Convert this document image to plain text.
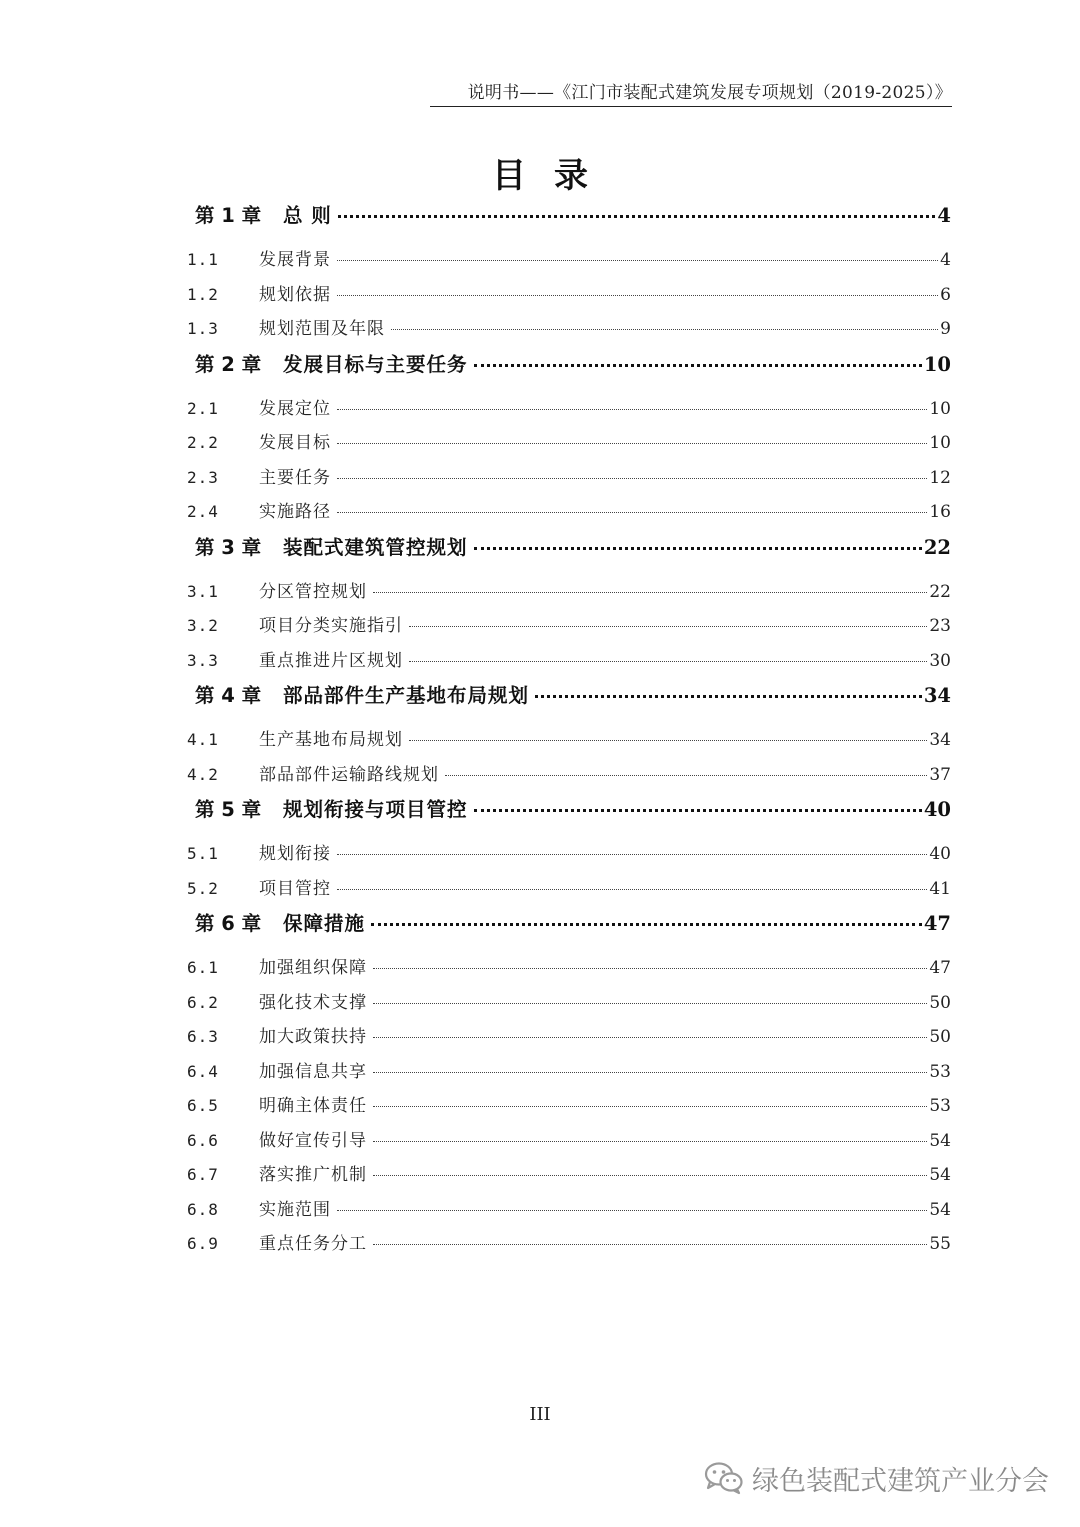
说明书——《江门市装配式建筑发展专项规划（2019-2025）》
目录
第 1 章	总 则	4
1.1	发展背景	4
1.2	规划依据	6
1.3	规划范围及年限	9
第 2 章	发展目标与主要任务	10
2.1	发展定位	10
2.2	发展目标	10
2.3	主要任务	12
2.4	实施路径	16
第 3 章	装配式建筑管控规划	22
3.1	分区管控规划	22
3.2	项目分类实施指引	23
3.3	重点推进片区规划	30
第 4 章	部品部件生产基地布局规划	34
4.1	生产基地布局规划	34
4.2	部品部件运输路线规划	37
第 5 章	规划衔接与项目管控	40
5.1	规划衔接	40
5.2	项目管控	41
第 6 章	保障措施	47
6.1	加强组织保障	47
6.2	强化技术支撑	50
6.3	加大政策扶持	50
6.4	加强信息共享	53
6.5	明确主体责任	53
6.6	做好宣传引导	54
6.7	落实推广机制	54
6.8	实施范围	54
6.9	重点任务分工	55
III
绿色装配式建筑产业分会
